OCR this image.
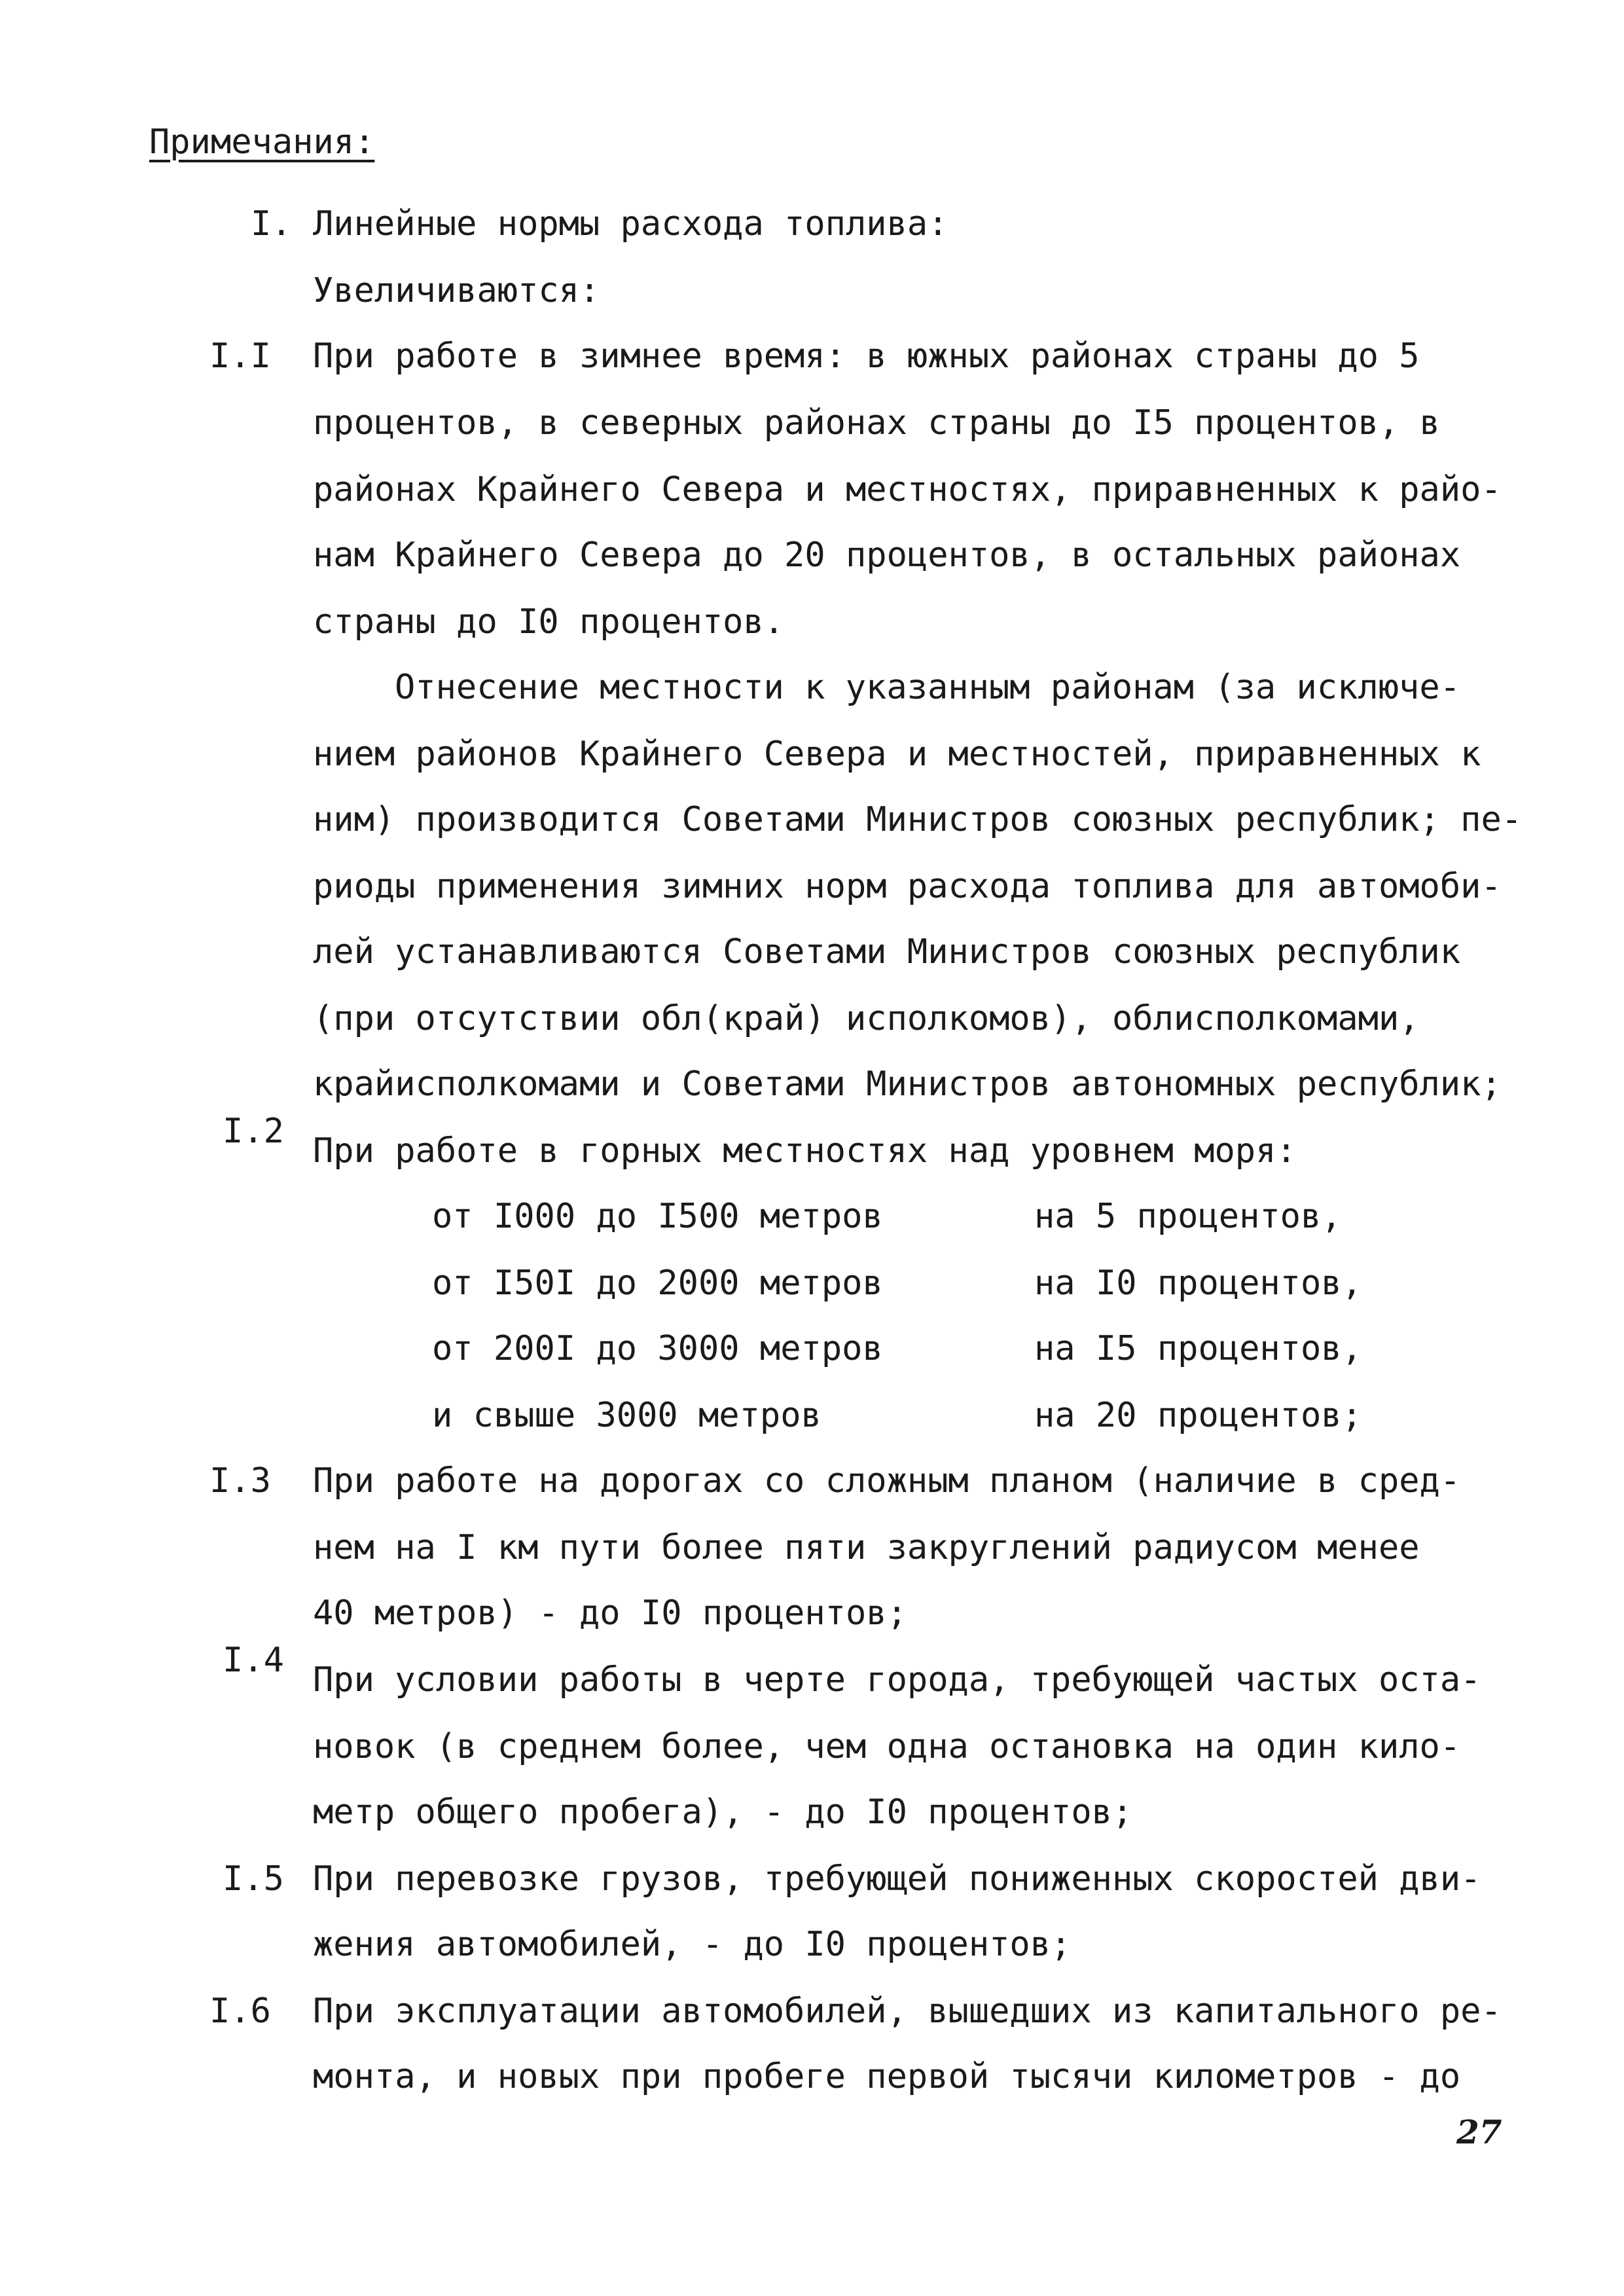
Примечания:
I. Линейные нормы расхода топлива:
Увеличиваются:
I.I При работе в зимнее время: в южных районах страны до 5
процентов, в северных районах страны до I5 процентов, в
районах Крайнего Севера и местностях, приравненных к райо-
нам Крайнего Севера до 20 процентов, в остальных районах
страны до I0 процентов.
Отнесение местности к указанным районам (за исключе-
нием районов Крайнего Севера и местностей, приравненных к
ним) производится Советами Министров союзных республик; пе-
риоды применения зимних норм расхода топлива для автомоби-
лей устанавливаются Советами Министров союзных республик
(при отсутствии обл(край) исполкомов), облисполкомами,
крайисполкомами и Советами Министров автономных республик;
I.2 При работе в горных местностях над уровнем моря:
от I000 до I500 метров	на 5 процентов,
от I50I до 2000 метров	на I0 процентов,
от 200I до 3000 метров	на I5 процентов,
и свыше 3000 метров	на 20 процентов;
I.3 При работе на дорогах со сложным планом (наличие в сред-
нем на I км пути более пяти закруглений радиусом менее
40 метров) - до I0 процентов;
I.4 При условии работы в черте города, требующей частых оста-
новок (в среднем более, чем одна остановка на один кило-
метр общего пробега), - до I0 процентов;
I.5 При перевозке грузов, требующей пониженных скоростей дви-
жения автомобилей, - до I0 процентов;
I.6 При эксплуатации автомобилей, вышедших из капитального ре-
монта, и новых при пробеге первой тысячи километров - до
27
